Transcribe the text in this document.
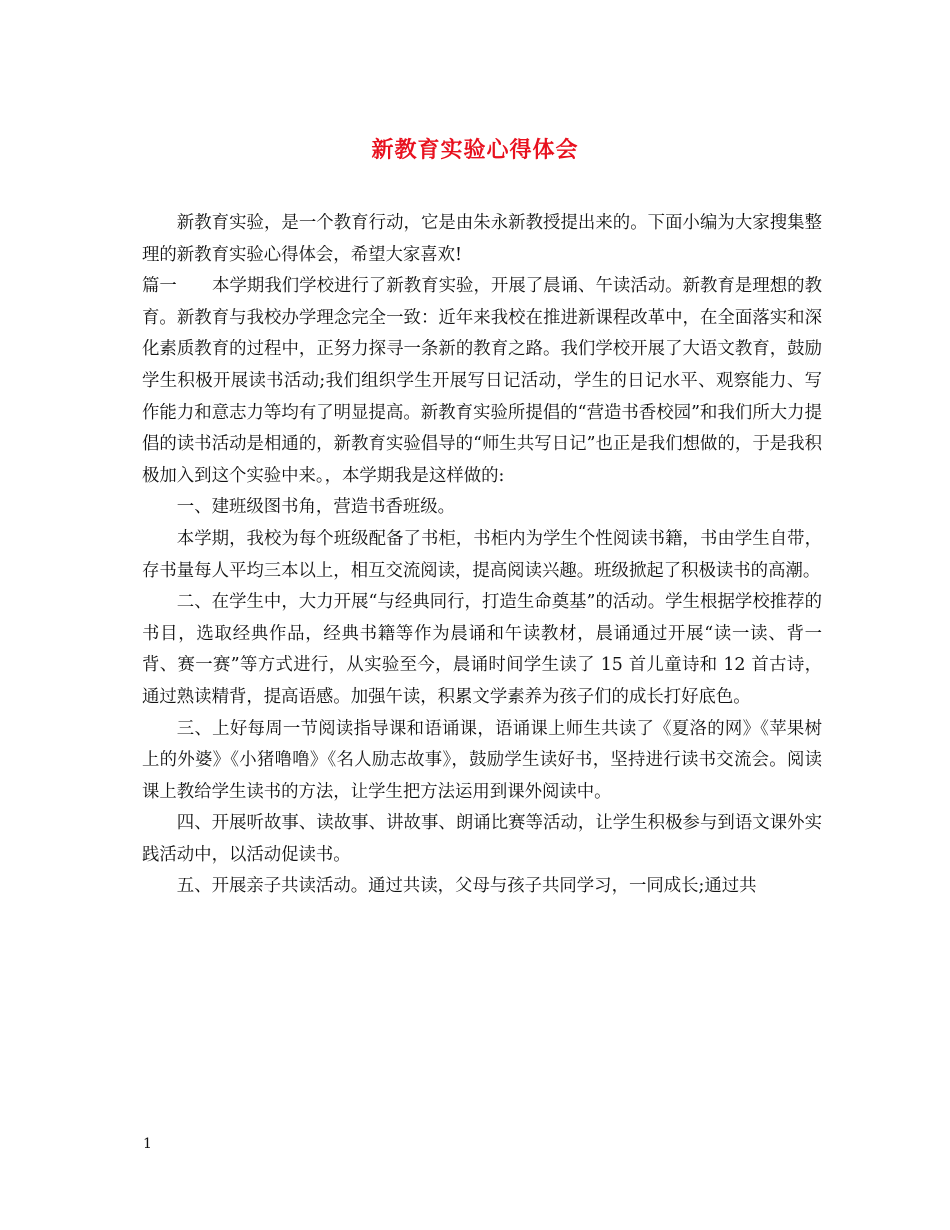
新教育实验心得体会

新教育实验，是一个教育行动，它是由朱永新教授提出来的。下面小编为大家搜集整理的新教育实验心得体会，希望大家喜欢!

篇一 本学期我们学校进行了新教育实验，开展了晨诵、午读活动。新教育是理想的教育。新教育与我校办学理念完全一致：近年来我校在推进新课程改革中，在全面落实和深化素质教育的过程中，正努力探寻一条新的教育之路。我们学校开展了大语文教育，鼓励学生积极开展读书活动;我们组织学生开展写日记活动，学生的日记水平、观察能力、写作能力和意志力等均有了明显提高。新教育实验所提倡的“营造书香校园”和我们所大力提倡的读书活动是相通的，新教育实验倡导的“师生共写日记”也正是我们想做的，于是我积极加入到这个实验中来。，本学期我是这样做的:

一、建班级图书角，营造书香班级。

本学期，我校为每个班级配备了书柜，书柜内为学生个性阅读书籍，书由学生自带，存书量每人平均三本以上，相互交流阅读，提高阅读兴趣。班级掀起了积极读书的高潮。

二、在学生中，大力开展“与经典同行，打造生命奠基”的活动。学生根据学校推荐的书目，选取经典作品，经典书籍等作为晨诵和午读教材，晨诵通过开展“读一读、背一背、赛一赛”等方式进行，从实验至今，晨诵时间学生读了 15 首儿童诗和 12 首古诗，通过熟读精背，提高语感。加强午读，积累文学素养为孩子们的成长打好底色。

三、上好每周一节阅读指导课和语诵课，语诵课上师生共读了《夏洛的网》《苹果树上的外婆》《小猪噜噜》《名人励志故事》，鼓励学生读好书，坚持进行读书交流会。阅读课上教给学生读书的方法，让学生把方法运用到课外阅读中。

四、开展听故事、读故事、讲故事、朗诵比赛等活动，让学生积极参与到语文课外实践活动中，以活动促读书。

五、开展亲子共读活动。通过共读，父母与孩子共同学习，一同成长;通过共

1
